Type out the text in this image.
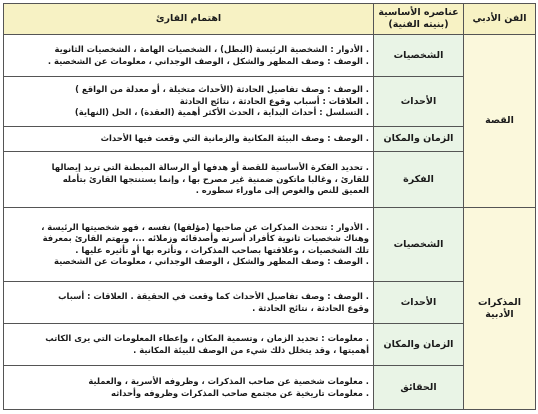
الفن الأدبي	عناصره الأساسية
(بنيته الفنية)	اهتمام القارئ

القصة	الشخصيات	. الأدوار : الشخصية الرئيسة (البطل) ، الشخصيات الهامة ، الشخصيات الثانوية
. الوصف : وصف المظهر والشكل ، الوصف الوجداني ، معلومات عن الشخصية .

	الأحداث	. الوصف : وصف تفاصيل الحادثة (الأحداث متخيلة ، أو معدلة من الواقع )
. العلاقات : أسباب وقوع الحادثة ، نتائج الحادثة
. التسلسل : أحداث البداية ، الحدث الأكثر أهمية (العقدة) ، الحل (النهاية)

	الزمان والمكان	. الوصف : وصف البيئة المكانية والزمانية التي وقعت فيها الأحداث

	الفكرة	. تحديد الفكرة الأساسية للقصة أو هدفها أو الرسالة المبطنة التي تريد إيصالها
للقارئ ، وغالبا ماتكون ضمنية غير مصرح بها ، وإنما يستنتجها القارئ بتأمله
العميق للنص والغوص إلى ماوراء سطوره .

المذكرات
الأدبية	الشخصيات	. الأدوار : تتحدث المذكرات عن صاحبها (مؤلفها) نفسه ، فهو شخصيتها الرئيسة ،
وهناك شخصيات ثانوية كأفراد أسرته وأصدقائه وزملائه ...، ويهتم القارئ بمعرفة
تلك الشخصيات ، وعلاقتها بصاحب المذكرات ، وتأثره بها أو تأثيره عليها .
. الوصف : وصف المظهر والشكل ، الوصف الوجداني ، معلومات عن الشخصية

	الأحداث	. الوصف : وصف تفاصيل الأحداث كما وقعت في الحقيقة . العلاقات : أسباب
وقوع الحادثة ، نتائج الحادثة .

	الزمان والمكان	. معلومات : تحديد الزمان ، وتسمية المكان ، وإعطاء المعلومات التي يرى الكاتب
أهميتها ، وقد يتخلل ذلك شيء من الوصف للبيئة المكانية .

	الحقائق	. معلومات شخصية عن صاحب المذكرات ، وظروفه الأسرية ، والعملية
. معلومات تاريخية عن مجتمع صاحب المذكرات وظروفه وأحداثه
